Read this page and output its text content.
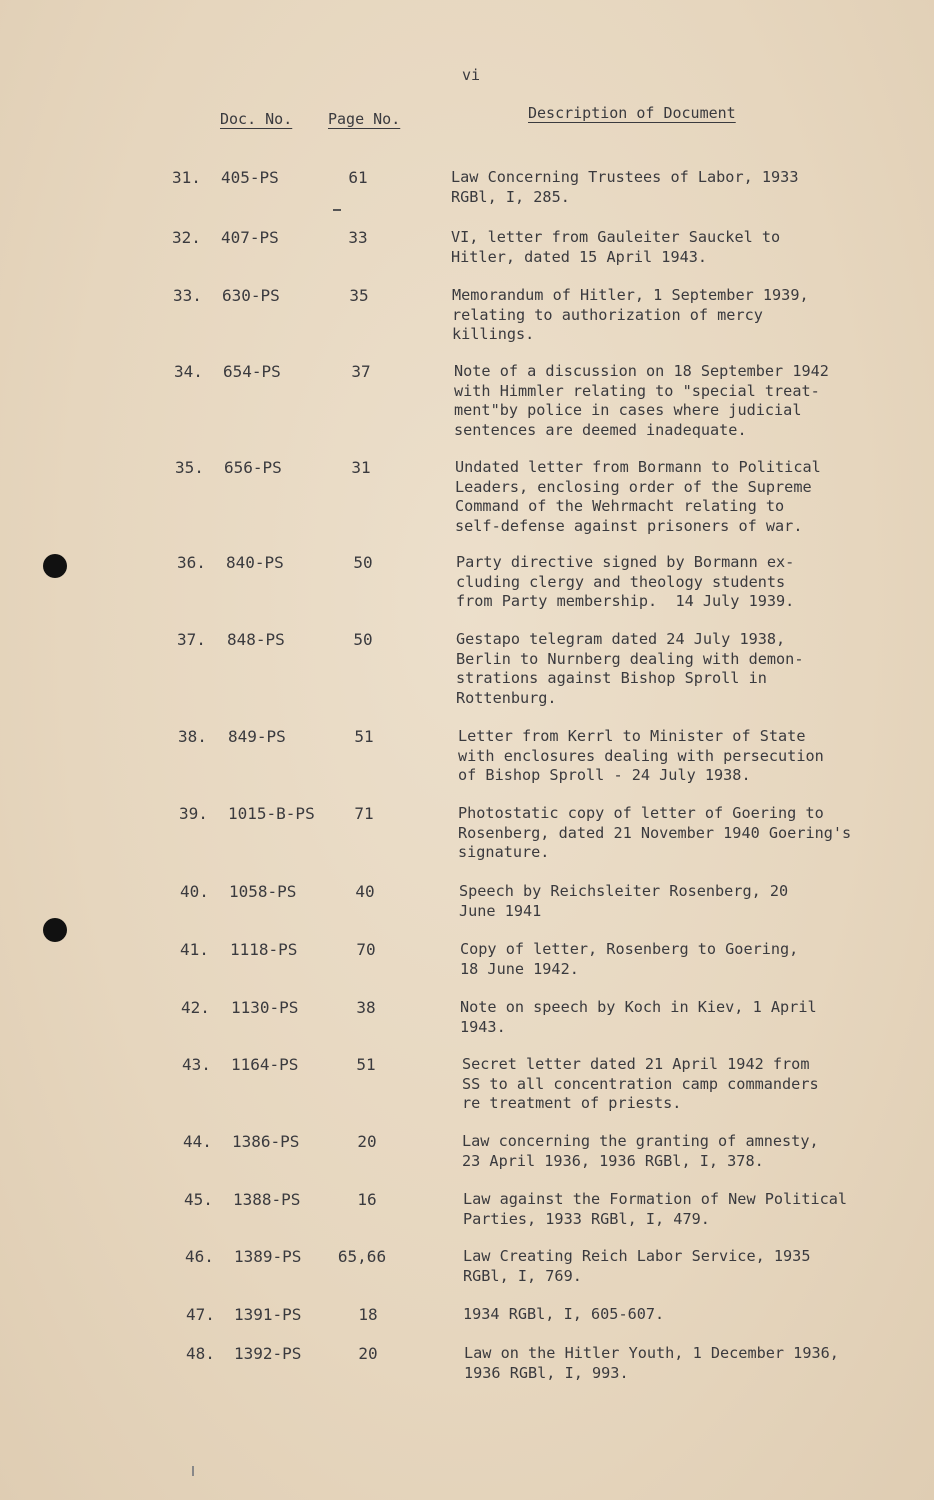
vi
Doc. No. Page No.	Description of Document
31. 405-PS	61	Law Concerning Trustees of Labor, 1933
RGBl, I, 285.
32. 407-PS	33	VI, letter from Gauleiter Sauckel to
Hitler, dated 15 April 1943.
33. 630-PS	35	Memorandum of Hitler, 1 September 1939,
relating to authorization of mercy
killings.
34. 654-PS	37	Note of a discussion on 18 September 1942
with Himmler relating to "special treat-
ment"by police in cases where judicial
sentences are deemed inadequate.
35. 656-PS	31	Undated letter from Bormann to Political
Leaders, enclosing order of the Supreme
Command of the Wehrmacht relating to
self-defense against prisoners of war.
36. 840-PS	50	Party directive signed by Bormann ex-
cluding clergy and theology students
from Party membership.  14 July 1939.
37. 848-PS	50	Gestapo telegram dated 24 July 1938,
Berlin to Nurnberg dealing with demon-
strations against Bishop Sproll in
Rottenburg.
38. 849-PS	51	Letter from Kerrl to Minister of State
with enclosures dealing with persecution
of Bishop Sproll - 24 July 1938.
39. 1015-B-PS	71	Photostatic copy of letter of Goering to
Rosenberg, dated 21 November 1940 Goering's
signature.
40. 1058-PS	40	Speech by Reichsleiter Rosenberg, 20
June 1941
41. 1118-PS	70	Copy of letter, Rosenberg to Goering,
18 June 1942.
42. 1130-PS	38	Note on speech by Koch in Kiev, 1 April
1943.
43. 1164-PS	51	Secret letter dated 21 April 1942 from
SS to all concentration camp commanders
re treatment of priests.
44. 1386-PS	20	Law concerning the granting of amnesty,
23 April 1936, 1936 RGBl, I, 378.
45. 1388-PS	16	Law against the Formation of New Political
Parties, 1933 RGBl, I, 479.
46. 1389-PS	65,66	Law Creating Reich Labor Service, 1935
RGBl, I, 769.
47. 1391-PS	18	1934 RGBl, I, 605-607.
48. 1392-PS	20	Law on the Hitler Youth, 1 December 1936,
1936 RGBl, I, 993.
